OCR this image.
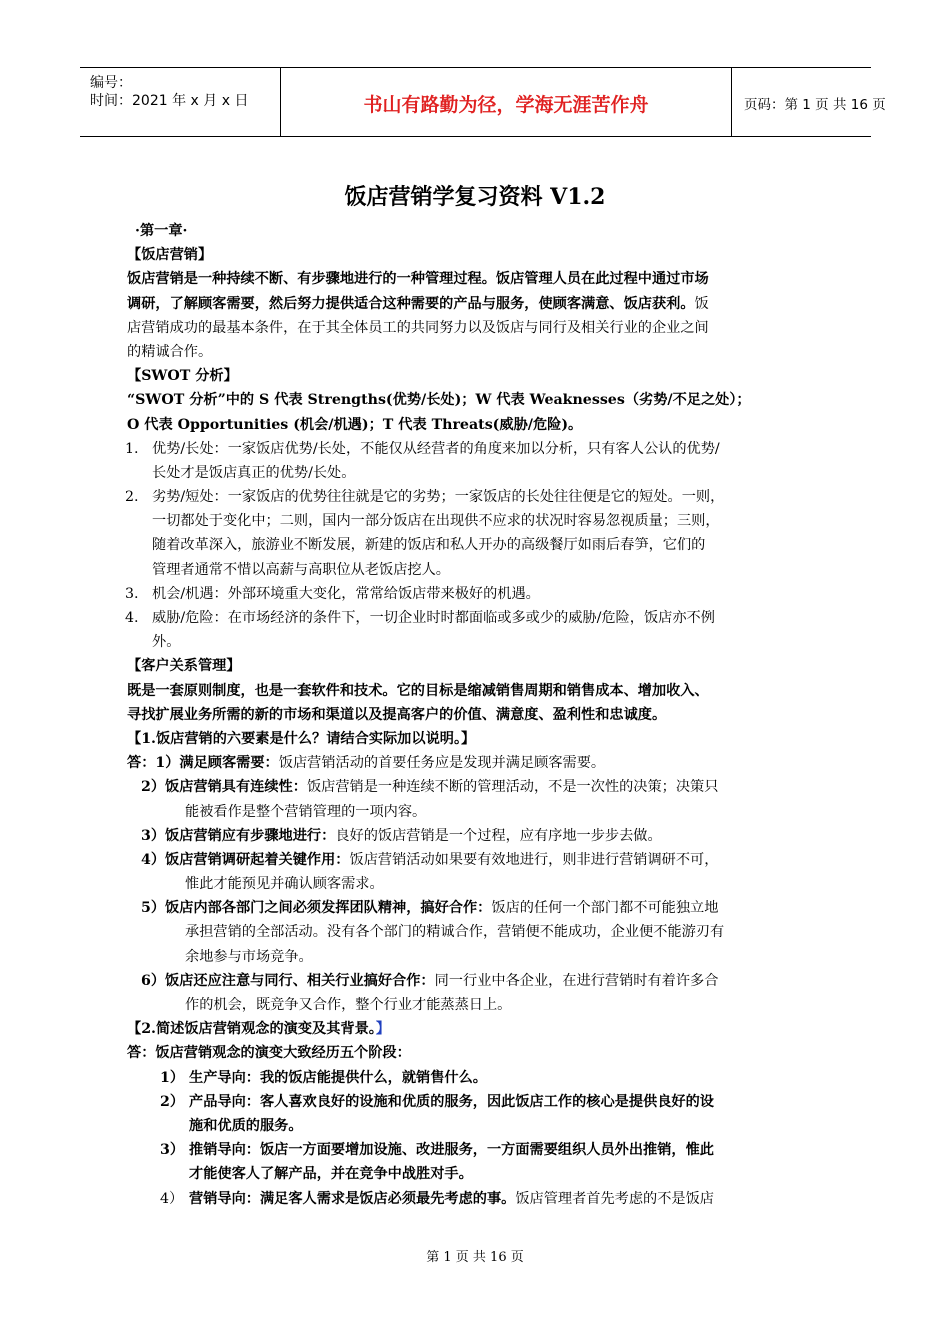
编号：
时间：2021 年 x 月 x 日	书山有路勤为径，学海无涯苦作舟	页码：第 1 页 共 16 页
饭店营销学复习资料 V1.2
·第一章·
【饭店营销】
饭店营销是一种持续不断、有步骤地进行的一种管理过程。饭店管理人员在此过程中通过市场
调研，了解顾客需要，然后努力提供适合这种需要的产品与服务，使顾客满意、饭店获利。饭
店营销成功的最基本条件，在于其全体员工的共同努力以及饭店与同行及相关行业的企业之间
的精诚合作。
【SWOT 分析】
“SWOT 分析”中的 S 代表 Strengths(优势/长处)；W 代表 Weaknesses（劣势/不足之处）；
O 代表 Opportunities (机会/机遇)；T 代表 Threats(威胁/危险)。
1. 优势/长处：一家饭店优势/长处，不能仅从经营者的角度来加以分析，只有客人公认的优势/
长处才是饭店真正的优势/长处。
2. 劣势/短处：一家饭店的优势往往就是它的劣势；一家饭店的长处往往便是它的短处。一则，
一切都处于变化中；二则，国内一部分饭店在出现供不应求的状况时容易忽视质量；三则，
随着改革深入，旅游业不断发展，新建的饭店和私人开办的高级餐厅如雨后春笋，它们的
管理者通常不惜以高薪与高职位从老饭店挖人。
3. 机会/机遇：外部环境重大变化，常常给饭店带来极好的机遇。
4. 威胁/危险：在市场经济的条件下，一切企业时时都面临或多或少的威胁/危险，饭店亦不例
外。
【客户关系管理】
既是一套原则制度，也是一套软件和技术。它的目标是缩减销售周期和销售成本、增加收入、
寻找扩展业务所需的新的市场和渠道以及提高客户的价值、满意度、盈利性和忠诚度。
【1.饭店营销的六要素是什么？请结合实际加以说明。】
答：1）满足顾客需要：饭店营销活动的首要任务应是发现并满足顾客需要。
2）饭店营销具有连续性：饭店营销是一种连续不断的管理活动，不是一次性的决策；决策只
能被看作是整个营销管理的一项内容。
3）饭店营销应有步骤地进行：良好的饭店营销是一个过程，应有序地一步步去做。
4）饭店营销调研起着关键作用：饭店营销活动如果要有效地进行，则非进行营销调研不可，
惟此才能预见并确认顾客需求。
5）饭店内部各部门之间必须发挥团队精神，搞好合作：饭店的任何一个部门都不可能独立地
承担营销的全部活动。没有各个部门的精诚合作，营销便不能成功，企业便不能游刃有
余地参与市场竞争。
6）饭店还应注意与同行、相关行业搞好合作：同一行业中各企业，在进行营销时有着许多合
作的机会，既竞争又合作，整个行业才能蒸蒸日上。
【2.简述饭店营销观念的演变及其背景。】
答：饭店营销观念的演变大致经历五个阶段：
1） 生产导向：我的饭店能提供什么，就销售什么。
2） 产品导向：客人喜欢良好的设施和优质的服务，因此饭店工作的核心是提供良好的设
施和优质的服务。
3） 推销导向：饭店一方面要增加设施、改进服务，一方面需要组织人员外出推销，惟此
才能使客人了解产品，并在竞争中战胜对手。
4） 营销导向：满足客人需求是饭店必须最先考虑的事。饭店管理者首先考虑的不是饭店
第 1 页 共 16 页
